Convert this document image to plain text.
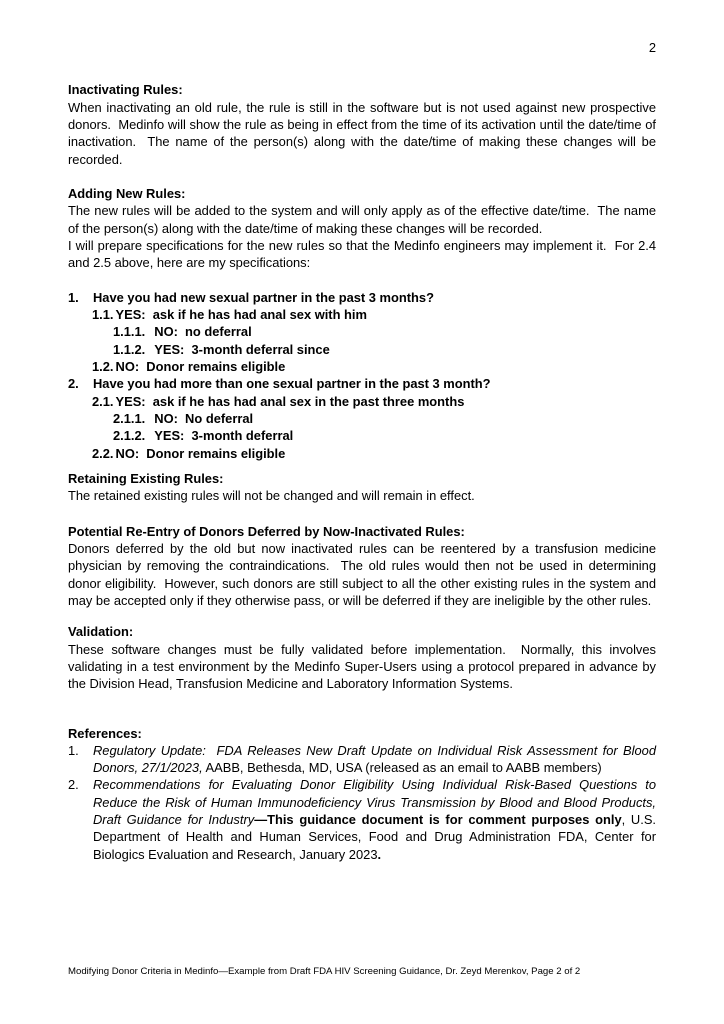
2
Inactivating Rules:

When inactivating an old rule, the rule is still in the software but is not used against new prospective donors.  Medinfo will show the rule as being in effect from the time of its activation until the date/time of inactivation.  The name of the person(s) along with the date/time of making these changes will be recorded.

Adding New Rules:

The new rules will be added to the system and will only apply as of the effective date/time.  The name of the person(s) along with the date/time of making these changes will be recorded.

I will prepare specifications for the new rules so that the Medinfo engineers may implement it.  For 2.4 and 2.5 above, here are my specifications:

1.	Have you had new sexual partner in the past 3 months?
1.1. YES:  ask if he has had anal sex with him
1.1.1. NO:  no deferral
1.1.2. YES:  3-month deferral since
1.2. NO:  Donor remains eligible
2.	Have you had more than one sexual partner in the past 3 month?
2.1. YES:  ask if he has had anal sex in the past three months
2.1.1. NO:  No deferral
2.1.2. YES:  3-month deferral
2.2. NO:  Donor remains eligible
Retaining Existing Rules:

The retained existing rules will not be changed and will remain in effect.

Potential Re-Entry of Donors Deferred by Now-Inactivated Rules:

Donors deferred by the old but now inactivated rules can be reentered by a transfusion medicine physician by removing the contraindications.  The old rules would then not be used in determining donor eligibility.  However, such donors are still subject to all the other existing rules in the system and may be accepted only if they otherwise pass, or will be deferred if they are ineligible by the other rules.

Validation:

These software changes must be fully validated before implementation.  Normally, this involves validating in a test environment by the Medinfo Super-Users using a protocol prepared in advance by the Division Head, Transfusion Medicine and Laboratory Information Systems.

References:
1.	Regulatory Update:  FDA Releases New Draft Update on Individual Risk Assessment for Blood Donors, 27/1/2023, AABB, Bethesda, MD, USA (released as an email to AABB members)
2.	Recommendations for Evaluating Donor Eligibility Using Individual Risk-Based Questions to Reduce the Risk of Human Immunodeficiency Virus Transmission by Blood and Blood Products, Draft Guidance for Industry—This guidance document is for comment purposes only, U.S. Department of Health and Human Services, Food and Drug Administration FDA, Center for Biologics Evaluation and Research, January 2023.
Modifying Donor Criteria in Medinfo—Example from Draft FDA HIV Screening Guidance, Dr. Zeyd Merenkov, Page 2 of 2
